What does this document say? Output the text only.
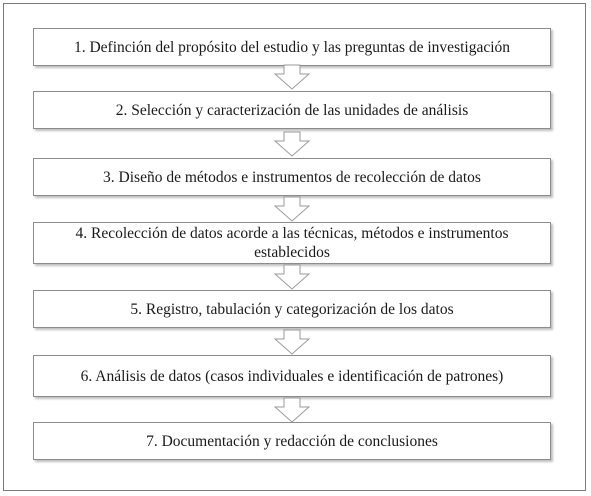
1. Definción del propósito del estudio y las preguntas de investigación
2. Selección y caracterización de las unidades de análisis
3. Diseño de métodos e instrumentos de recolección de datos
4. Recolección de datos acorde a las técnicas, métodos e instrumentos establecidos
5. Registro, tabulación y categorización de los datos
6. Análisis de datos (casos individuales e identificación de patrones)
7. Documentación y redacción de conclusiones
